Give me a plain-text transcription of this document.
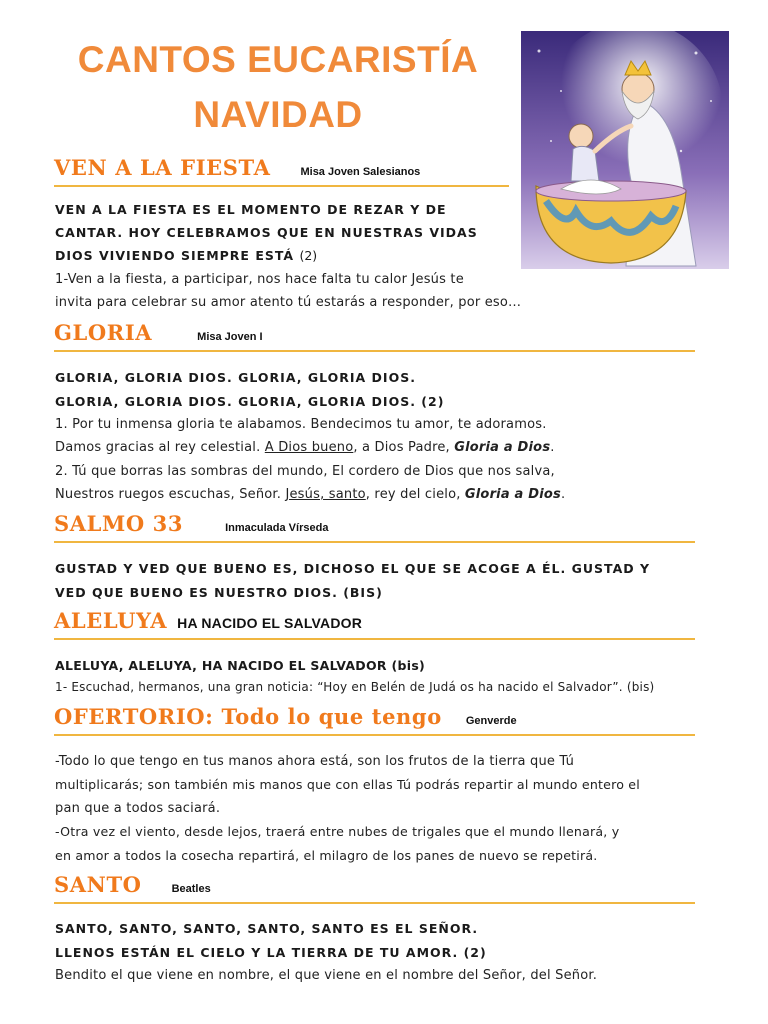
CANTOS EUCARISTÍA
NAVIDAD
VEN A LA FIESTA	Misa Joven Salesianos
VEN A LA FIESTA ES EL MOMENTO DE REZAR Y DE
CANTAR. HOY CELEBRAMOS QUE EN NUESTRAS VIDAS
DIOS VIVIENDO SIEMPRE ESTÁ (2)
1-Ven a la fiesta, a participar, nos hace falta tu calor Jesús te
invita para celebrar su amor atento tú estarás a responder, por eso…
GLORIA	Misa Joven I
GLORIA, GLORIA DIOS. GLORIA, GLORIA DIOS.
GLORIA, GLORIA DIOS. GLORIA, GLORIA DIOS. (2)
1. Por tu inmensa gloria te alabamos. Bendecimos tu amor, te adoramos.
Damos gracias al rey celestial. A Dios bueno, a Dios Padre, Gloria a Dios.
2. Tú que borras las sombras del mundo, El cordero de Dios que nos salva,
Nuestros ruegos escuchas, Señor. Jesús, santo, rey del cielo, Gloria a Dios.
SALMO 33	Inmaculada Vírseda
GUSTAD Y VED QUE BUENO ES, DICHOSO EL QUE SE ACOGE A ÉL. GUSTAD Y
VED QUE BUENO ES NUESTRO DIOS. (BIS)
ALELUYA HA NACIDO EL SALVADOR
ALELUYA, ALELUYA, HA NACIDO EL SALVADOR (bis)
1- Escuchad, hermanos, una gran noticia: “Hoy en Belén de Judá os ha nacido el Salvador”. (bis)
OFERTORIO: Todo lo que tengo Genverde
-Todo lo que tengo en tus manos ahora está, son los frutos de la tierra que Tú
multiplicarás; son también mis manos que con ellas Tú podrás repartir al mundo entero el
pan que a todos saciará.
-Otra vez el viento, desde lejos, traerá entre nubes de trigales que el mundo llenará, y
en amor a todos la cosecha repartirá, el milagro de los panes de nuevo se repetirá.
SANTO	Beatles
SANTO, SANTO, SANTO, SANTO, SANTO ES EL SEÑOR.
LLENOS ESTÁN EL CIELO Y LA TIERRA DE TU AMOR. (2)
Bendito el que viene en nombre, el que viene en el nombre del Señor, del Señor.
